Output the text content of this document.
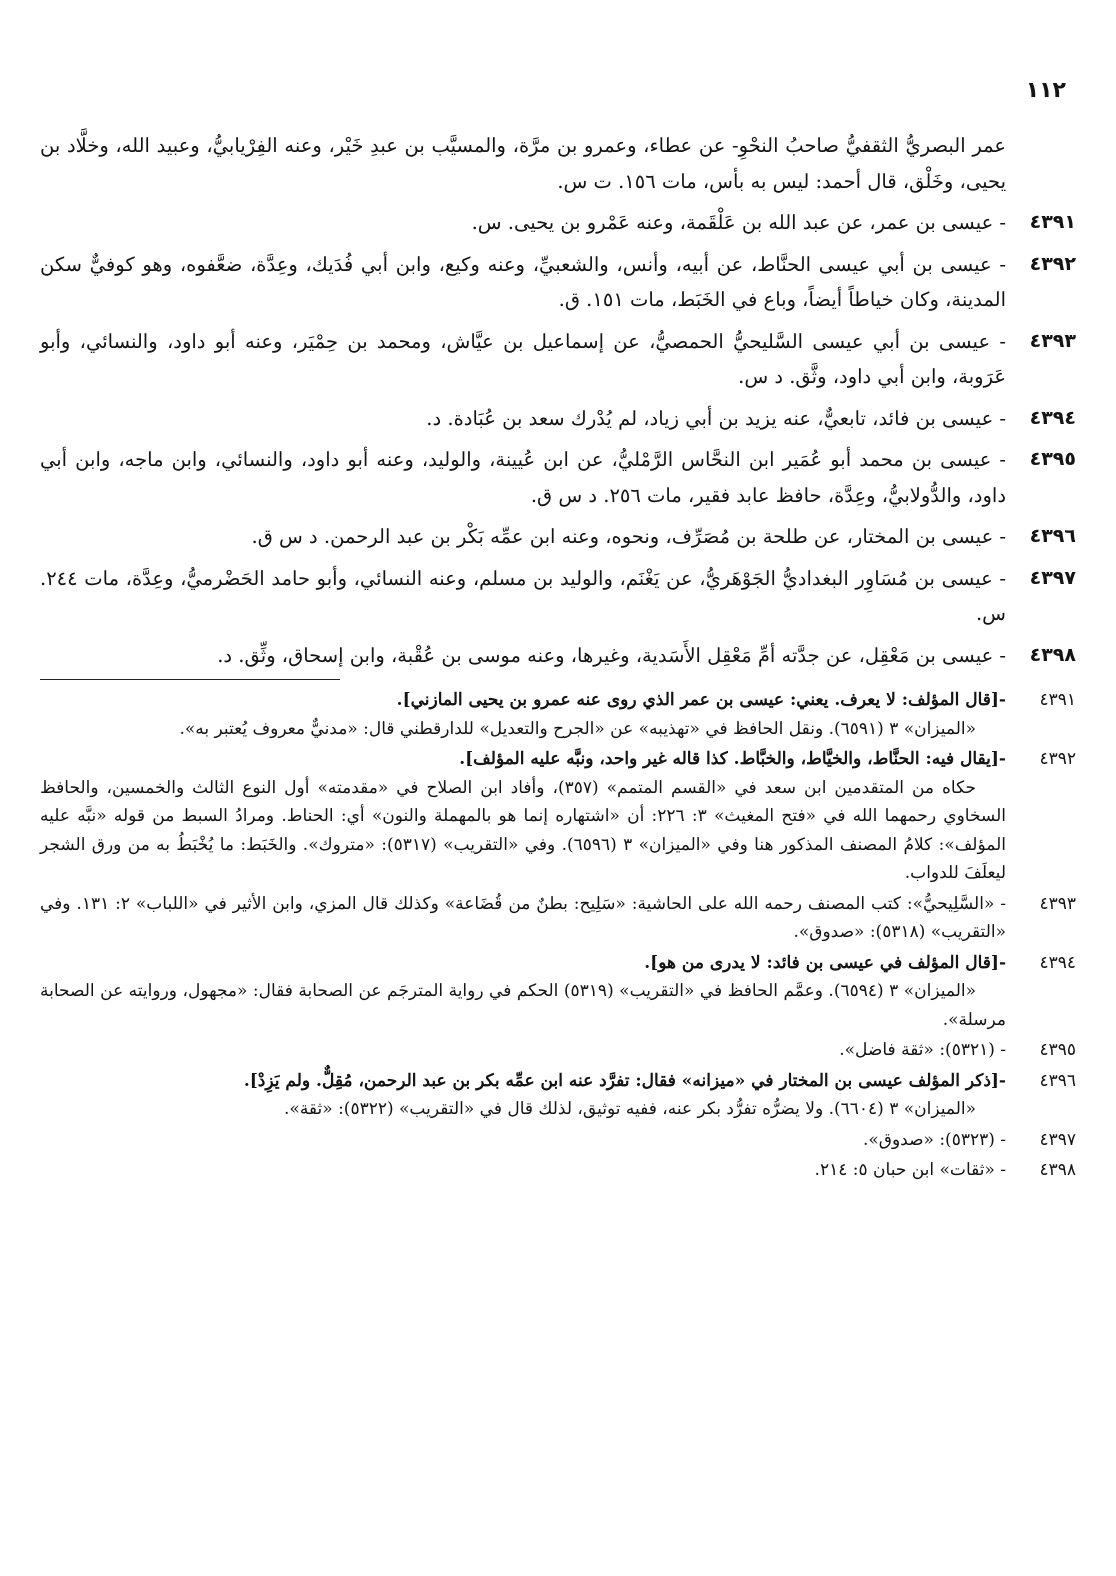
١١٢
عمر البصريُّ الثقفيُّ صاحبُ النحْوِ- عن عطاء، وعمرو بن مرَّة، والمسيَّب بن عبدِ خَيْر، وعنه الفِرْيابيُّ، وعبيد الله، وخلَّاد بن يحيى، وخَلْق، قال أحمد: ليس به بأس، مات ١٥٦. ت س.
٤٣٩١
- عيسى بن عمر، عن عبد الله بن عَلْقَمة، وعنه عَمْرو بن يحيى. س.
٤٣٩٢
- عيسى بن أبي عيسى الحنَّاط، عن أبيه، وأنس، والشعبيِّ، وعنه وكيع، وابن أبي فُدَيك، وعِدَّة، ضعَّفوه، وهو كوفيٌّ سكن المدينة، وكان خياطاً أيضاً، وباع في الخَبَط، مات ١٥١. ق.
٤٣٩٣
- عيسى بن أبي عيسى السَّليحيُّ الحمصيُّ، عن إسماعيل بن عيَّاش، ومحمد بن حِمْيَر، وعنه أبو داود، والنسائي، وأبو عَرَوبة، وابن أبي داود، وثَّق. د س.
٤٣٩٤
- عيسى بن فائد، تابعيٌّ، عنه يزيد بن أبي زياد، لم يُدْرك سعد بن عُبَادة. د.
٤٣٩٥
- عيسى بن محمد أبو عُمَير ابن النحَّاس الرَّمْليُّ، عن ابن عُيينة، والوليد، وعنه أبو داود، والنسائي، وابن ماجه، وابن أبي داود، والدُّولابيُّ، وعِدَّة، حافظ عابد فقير، مات ٢٥٦. د س ق.
٤٣٩٦
- عيسى بن المختار، عن طلحة بن مُصَرِّف، ونحوه، وعنه ابن عمِّه بَكْر بن عبد الرحمن. د س ق.
٤٣٩٧
- عيسى بن مُسَاوِر البغداديُّ الجَوْهَريُّ، عن يَغْنَم، والوليد بن مسلم، وعنه النسائي، وأبو حامد الحَضْرميُّ، وعِدَّة، مات ٢٤٤. س.
٤٣٩٨
- عيسى بن مَعْقِل، عن جدَّته أمِّ مَعْقِل الأَسَدية، وغيرها، وعنه موسى بن عُقْبة، وابن إسحاق، وثِّق. د.
٤٣٩١

-[قال المؤلف: لا يعرف. يعني: عيسى بن عمر الذي روى عنه عمرو بن يحيى المازني].

«الميزان» ٣ (٦٥٩١). ونقل الحافظ في «تهذيبه» عن «الجرح والتعديل» للدارقطني قال: «مدنيٌّ معروف يُعتبر به».

٤٣٩٢

-[يقال فيه: الحنَّاط، والخيَّاط، والخبَّاط. كذا قاله غير واحد، ونبَّه عليه المؤلف].

حكاه من المتقدمين ابن سعد في «القسم المتمم» (٣٥٧)، وأفاد ابن الصلاح في «مقدمته» أول النوع الثالث والخمسين، والحافظ السخاوي رحمهما الله في «فتح المغيث» ٣: ٢٢٦: أن «اشتهاره إنما هو بالمهملة والنون» أي: الحناط. ومرادُ السبط من قوله «نبَّه عليه المؤلف»: كلامُ المصنف المذكور هنا وفي «الميزان» ٣ (٦٥٩٦). وفي «التقريب» (٥٣١٧): «متروك». والخَبَط: ما يُخْبَطُ به من ورق الشجر ليعلَفَ للدواب.

٤٣٩٣

- «السَّلِيحيُّ»: كتب المصنف رحمه الله على الحاشية: «سَلِيح: بطنٌ من قُضَاعة» وكذلك قال المزي، وابن الأثير في «اللباب» ٢: ١٣١. وفي «التقريب» (٥٣١٨): «صدوق».

٤٣٩٤

-[قال المؤلف في عيسى بن فائد: لا يدرى من هو].

«الميزان» ٣ (٦٥٩٤). وعمَّم الحافظ في «التقريب» (٥٣١٩) الحكم في رواية المترجَم عن الصحابة فقال: «مجهول، وروايته عن الصحابة مرسلة».

٤٣٩٥

- (٥٣٢١): «ثقة فاضل».

٤٣٩٦

-[ذكر المؤلف عيسى بن المختار في «ميزانه» فقال: تفرَّد عنه ابن عمِّه بكر بن عبد الرحمن، مُقِلٌّ. ولم يَزِدْ].

«الميزان» ٣ (٦٦٠٤). ولا يضرُّه تفرُّد بكر عنه، ففيه توثيق، لذلك قال في «التقريب» (٥٣٢٢): «ثقة».

٤٣٩٧

- (٥٣٢٣): «صدوق».

٤٣٩٨

- «ثقات» ابن حبان ٥: ٢١٤.
